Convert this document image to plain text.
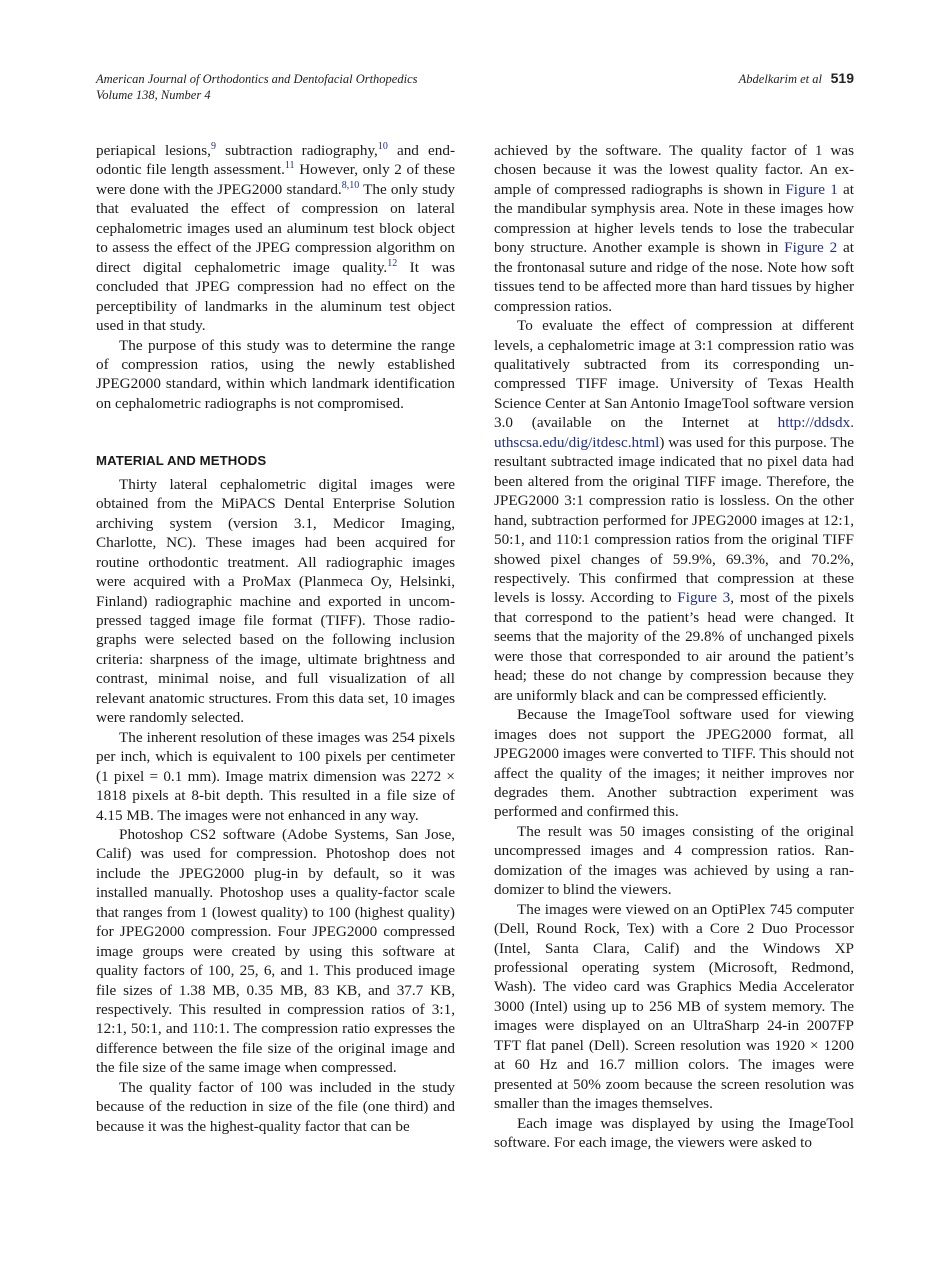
American Journal of Orthodontics and Dentofacial Orthopedics
Volume 138, Number 4
Abdelkarim et al 519

periapical lesions,$^9$ subtraction radiography,$^{10}$ and endodontic file length assessment.$^{11}$ However, only 2 of these were done with the JPEG2000 standard.$^{8,10}$ The only study that evaluated the effect of compression on lateral cephalometric images used an aluminum test block object to assess the effect of the JPEG compression algorithm on direct digital cephalometric image quality.$^{12}$ It was concluded that JPEG compression had no effect on the perceptibility of landmarks in the aluminum test object used in that study.

The purpose of this study was to determine the range of compression ratios, using the newly established JPEG2000 standard, within which landmark identification on cephalometric radiographs is not compromised.

MATERIAL AND METHODS

Thirty lateral cephalometric digital images were obtained from the MiPACS Dental Enterprise Solution archiving system (version 3.1, Medicor Imaging, Charlotte, NC). These images had been acquired for routine orthodontic treatment. All radiographic images were acquired with a ProMax (Planmeca Oy, Helsinki, Finland) radiographic machine and exported in uncompressed tagged image file format (TIFF). Those radiographs were selected based on the following inclusion criteria: sharpness of the image, ultimate brightness and contrast, minimal noise, and full visualization of all relevant anatomic structures. From this data set, 10 images were randomly selected.

The inherent resolution of these images was 254 pixels per inch, which is equivalent to 100 pixels per centimeter (1 pixel = 0.1 mm). Image matrix dimension was 2272 × 1818 pixels at 8-bit depth. This resulted in a file size of 4.15 MB. The images were not enhanced in any way.

Photoshop CS2 software (Adobe Systems, San Jose, Calif) was used for compression. Photoshop does not include the JPEG2000 plug-in by default, so it was installed manually. Photoshop uses a quality-factor scale that ranges from 1 (lowest quality) to 100 (highest quality) for JPEG2000 compression. Four JPEG2000 compressed image groups were created by using this software at quality factors of 100, 25, 6, and 1. This produced image file sizes of 1.38 MB, 0.35 MB, 83 KB, and 37.7 KB, respectively. This resulted in compression ratios of 3:1, 12:1, 50:1, and 110:1. The compression ratio expresses the difference between the file size of the original image and the file size of the same image when compressed.

The quality factor of 100 was included in the study because of the reduction in size of the file (one third) and because it was the highest-quality factor that can be

achieved by the software. The quality factor of 1 was chosen because it was the lowest quality factor. An example of compressed radiographs is shown in Figure 1 at the mandibular symphysis area. Note in these images how compression at higher levels tends to lose the trabecular bony structure. Another example is shown in Figure 2 at the frontonasal suture and ridge of the nose. Note how soft tissues tend to be affected more than hard tissues by higher compression ratios.

To evaluate the effect of compression at different levels, a cephalometric image at 3:1 compression ratio was qualitatively subtracted from its corresponding uncompressed TIFF image. University of Texas Health Science Center at San Antonio ImageTool software version 3.0 (available on the Internet at http://ddsdx.​uthscsa.edu/dig/itdesc.html) was used for this purpose. The resultant subtracted image indicated that no pixel data had been altered from the original TIFF image. Therefore, the JPEG2000 3:1 compression ratio is lossless. On the other hand, subtraction performed for JPEG2000 images at 12:1, 50:1, and 110:1 compression ratios from the original TIFF showed pixel changes of 59.9%, 69.3%, and 70.2%, respectively. This confirmed that compression at these levels is lossy. According to Figure 3, most of the pixels that correspond to the patient’s head were changed. It seems that the majority of the 29.8% of unchanged pixels were those that corresponded to air around the patient’s head; these do not change by compression because they are uniformly black and can be compressed efficiently.

Because the ImageTool software used for viewing images does not support the JPEG2000 format, all JPEG2000 images were converted to TIFF. This should not affect the quality of the images; it neither improves nor degrades them. Another subtraction experiment was performed and confirmed this.

The result was 50 images consisting of the original uncompressed images and 4 compression ratios. Randomization of the images was achieved by using a randomizer to blind the viewers.

The images were viewed on an OptiPlex 745 computer (Dell, Round Rock, Tex) with a Core 2 Duo Processor (Intel, Santa Clara, Calif) and the Windows XP professional operating system (Microsoft, Redmond, Wash). The video card was Graphics Media Accelerator 3000 (Intel) using up to 256 MB of system memory. The images were displayed on an UltraSharp 24-in 2007FP TFT flat panel (Dell). Screen resolution was 1920 × 1200 at 60 Hz and 16.7 million colors. The images were presented at 50% zoom because the screen resolution was smaller than the images themselves.

Each image was displayed by using the ImageTool software. For each image, the viewers were asked to
